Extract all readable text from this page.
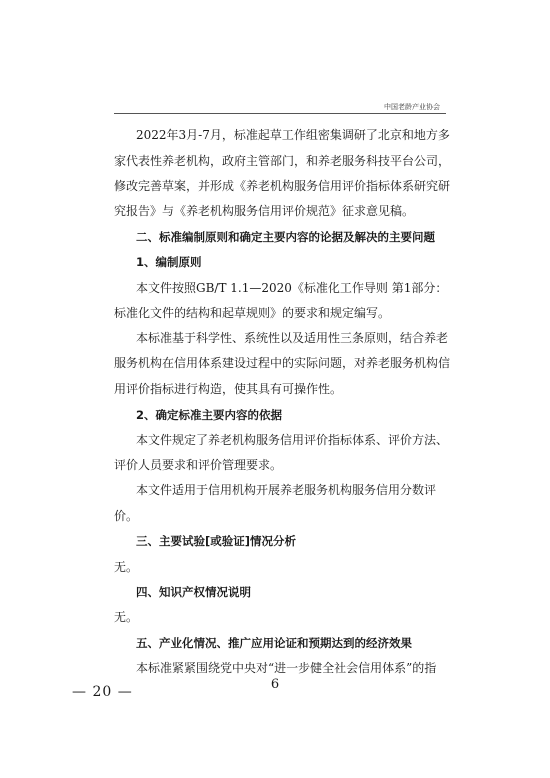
中国老龄产业协会
2022年3月-7月，标准起草工作组密集调研了北京和地方多
家代表性养老机构，政府主管部门，和养老服务科技平台公司，
修改完善草案，并形成《养老机构服务信用评价指标体系研究研
究报告》与《养老机构服务信用评价规范》征求意见稿。
二、标准编制原则和确定主要内容的论据及解决的主要问题
1、编制原则
本文件按照GB/T 1.1—2020《标准化工作导则 第1部分：
标准化文件的结构和起草规则》的要求和规定编写。
本标准基于科学性、系统性以及适用性三条原则，结合养老
服务机构在信用体系建设过程中的实际问题，对养老服务机构信
用评价指标进行构造，使其具有可操作性。
2、确定标准主要内容的依据
本文件规定了养老机构服务信用评价指标体系、评价方法、
评价人员要求和评价管理要求。
本文件适用于信用机构开展养老服务机构服务信用分数评
价。
三、主要试验[或验证]情况分析
无。
四、知识产权情况说明
无。
五、产业化情况、推广应用论证和预期达到的经济效果
本标准紧紧围绕党中央对“进一步健全社会信用体系”的指
6
— 20 —
